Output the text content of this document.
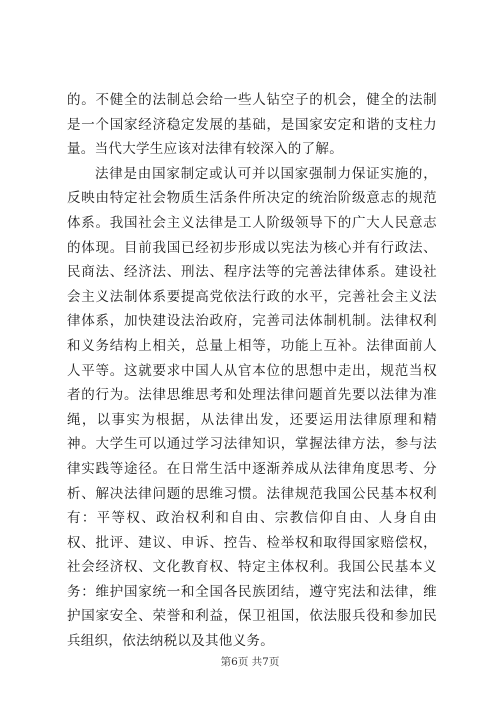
的。不健全的法制总会给一些人钻空子的机会，健全的法制是一个国家经济稳定发展的基础，是国家安定和谐的支柱力量。当代大学生应该对法律有较深入的了解。

法律是由国家制定或认可并以国家强制力保证实施的，反映由特定社会物质生活条件所决定的统治阶级意志的规范体系。我国社会主义法律是工人阶级领导下的广大人民意志的体现。目前我国已经初步形成以宪法为核心并有行政法、民商法、经济法、刑法、程序法等的完善法律体系。建设社会主义法制体系要提高党依法行政的水平，完善社会主义法律体系，加快建设法治政府，完善司法体制机制。法律权利和义务结构上相关，总量上相等，功能上互补。法律面前人人平等。这就要求中国人从官本位的思想中走出，规范当权者的行为。法律思维思考和处理法律问题首先要以法律为准绳，以事实为根据，从法律出发，还要运用法律原理和精神。大学生可以通过学习法律知识，掌握法律方法，参与法律实践等途径。在日常生活中逐渐养成从法律角度思考、分析、解决法律问题的思维习惯。法律规范我国公民基本权利有：平等权、政治权利和自由、宗教信仰自由、人身自由权、批评、建议、申诉、控告、检举权和取得国家赔偿权，社会经济权、文化教育权、特定主体权利。我国公民基本义务：维护国家统一和全国各民族团结，遵守宪法和法律，维护国家安全、荣誉和利益，保卫祖国，依法服兵役和参加民兵组织，依法纳税以及其他义务。

第6页 共7页
